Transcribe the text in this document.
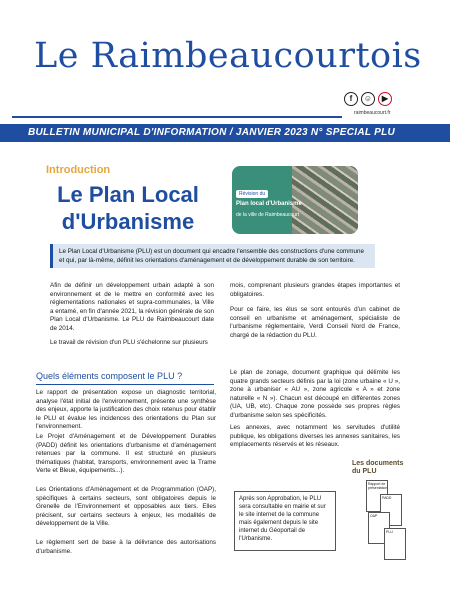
Le Raimbeaucourtois
f	☺	▶
raimbeaucourt.fr
BULLETIN MUNICIPAL D'INFORMATION / JANVIER 2023 N° SPECIAL PLU
Introduction
Le Plan Local d'Urbanisme
Révision du
Plan local d'Urbanisme
de la ville de Raimbeaucourt
Le Plan Local d'Urbanisme (PLU) est un document qui encadre l'ensemble des constructions d'une commune et qui, par là-même, définit les orientations d'aménagement et de développement durable de son territoire.
Afin de définir un développement urbain adapté à son environnement et de le mettre en conformité avec les réglementations nationales et supra-communales, la Ville a entamé, en fin d'année 2021, la révision générale de son Plan Local d'Urbanisme. Le PLU de Raimbeaucourt date de 2014.
Le travail de révision d'un PLU s'échelonne sur plusieurs
mois, comprenant plusieurs grandes étapes importantes et obligatoires.
Pour ce faire, les élus se sont entourés d'un cabinet de conseil en urbanisme et aménagement, spécialiste de l'urbanisme réglementaire, Verdi Conseil Nord de France, chargé de la rédaction du PLU.
Quels éléments composent le PLU ?
Le rapport de présentation expose un diagnostic territorial, analyse l'état initial de l'environnement, présente une synthèse des enjeux, apporte la justification des choix retenus pour établir le PLU et évalue les incidences des orientations du Plan sur l'environnement.
Le Projet d'Aménagement et de Développement Durables (PADD) définit les orientations d'urbanisme et d'aménagement retenues par la commune. Il est structuré en plusieurs thématiques (habitat, transports, environnement avec la Trame Verte et Bleue, équipements...).
Les Orientations d'Aménagement et de Programmation (OAP), spécifiques à certains secteurs, sont obligatoires depuis le Grenelle de l'Environnement et opposables aux tiers. Elles précisent, sur certains secteurs à enjeux, les modalités de développement de la Ville.
Le règlement sert de base à la délivrance des autorisations d'urbanisme.
Le plan de zonage, document graphique qui délimite les quatre grands secteurs définis par la loi (zone urbaine « U », zone à urbaniser « AU », zone agricole « A » et zone naturelle « N »). Chacun est découpé en différentes zones (UA, UB, etc). Chaque zone possède ses propres règles d'urbanisme selon ses spécificités.
Les annexes, avec notamment les servitudes d'utilité publique, les obligations diverses les annexes sanitaires, les emplacements réservés et les réseaux.
Après son Approbation, le PLU sera consultable en mairie et sur le site internet de la commune mais également depuis le site internet du Géoportail de l'Urbanisme.
Les documents du PLU
Rapport de présentation
PADD
OAP
PLU
